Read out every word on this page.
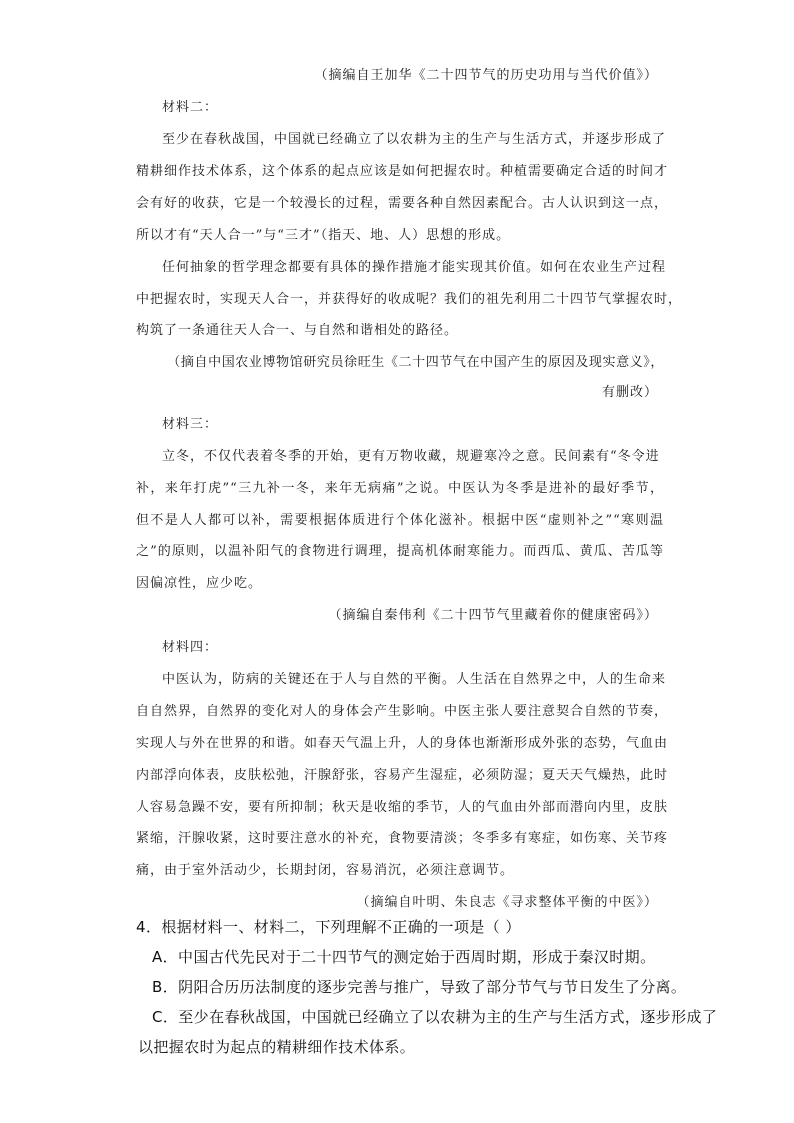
（摘编自王加华《二十四节气的历史功用与当代价值》）
材料二：
至少在春秋战国，中国就已经确立了以农耕为主的生产与生活方式，并逐步形成了
精耕细作技术体系，这个体系的起点应该是如何把握农时。种植需要确定合适的时间才
会有好的收获，它是一个较漫长的过程，需要各种自然因素配合。古人认识到这一点，
所以才有“天人合一”与“三才”（指天、地、人）思想的形成。
任何抽象的哲学理念都要有具体的操作措施才能实现其价值。如何在农业生产过程
中把握农时，实现天人合一，并获得好的收成呢？我们的祖先利用二十四节气掌握农时，
构筑了一条通往天人合一、与自然和谐相处的路径。
（摘自中国农业博物馆研究员徐旺生《二十四节气在中国产生的原因及现实意义》，
有删改）
材料三：
立冬，不仅代表着冬季的开始，更有万物收藏，规避寒冷之意。民间素有“冬令进
补，来年打虎”“三九补一冬，来年无病痛”之说。中医认为冬季是进补的最好季节，
但不是人人都可以补，需要根据体质进行个体化滋补。根据中医“虚则补之”“寒则温
之”的原则，以温补阳气的食物进行调理，提高机体耐寒能力。而西瓜、黄瓜、苦瓜等
因偏凉性，应少吃。
（摘编自秦伟利《二十四节气里藏着你的健康密码》）
材料四：
中医认为，防病的关键还在于人与自然的平衡。人生活在自然界之中，人的生命来
自自然界，自然界的变化对人的身体会产生影响。中医主张人要注意契合自然的节奏，
实现人与外在世界的和谐。如春天气温上升，人的身体也渐渐形成外张的态势，气血由
内部浮向体表，皮肤松弛，汗腺舒张，容易产生湿症，必须防湿；夏天天气燥热，此时
人容易急躁不安，要有所抑制；秋天是收缩的季节，人的气血由外部而潜向内里，皮肤
紧缩，汗腺收紧，这时要注意水的补充，食物要清淡；冬季多有寒症，如伤寒、关节疼
痛，由于室外活动少，长期封闭，容易消沉，必须注意调节。
（摘编自叶明、朱良志《寻求整体平衡的中医》）
4．根据材料一、材料二，下列理解不正确的一项是（ ）
A．中国古代先民对于二十四节气的测定始于西周时期，形成于秦汉时期。
B．阴阳合历历法制度的逐步完善与推广，导致了部分节气与节日发生了分离。
C．至少在春秋战国，中国就已经确立了以农耕为主的生产与生活方式，逐步形成了
以把握农时为起点的精耕细作技术体系。
